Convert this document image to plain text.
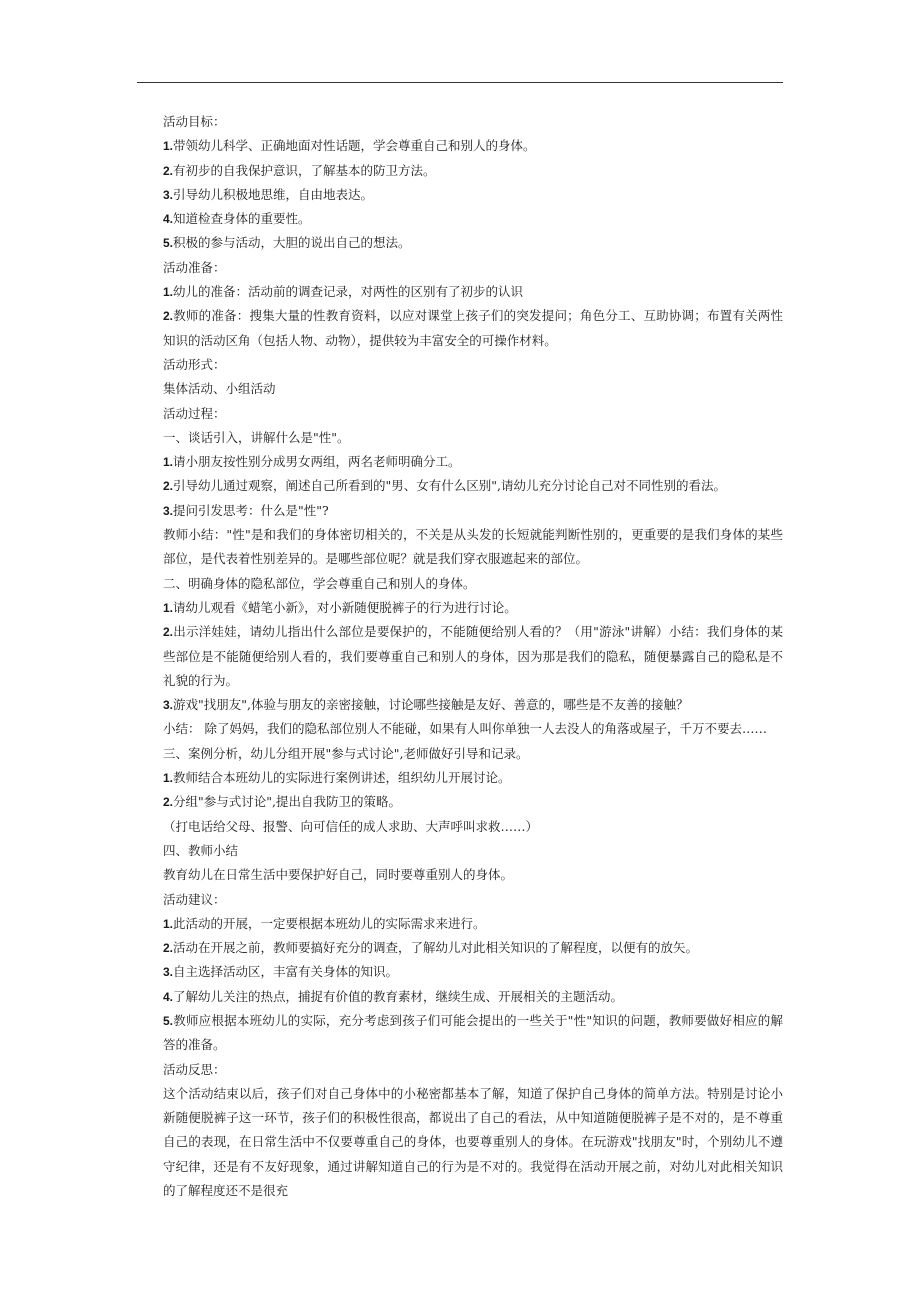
活动目标：

1.带领幼儿科学、正确地面对性话题，学会尊重自己和别人的身体。

2.有初步的自我保护意识，了解基本的防卫方法。

3.引导幼儿积极地思维，自由地表达。

4.知道检查身体的重要性。

5.积极的参与活动，大胆的说出自己的想法。

活动准备：

1.幼儿的准备：活动前的调查记录，对两性的区别有了初步的认识

2.教师的准备：搜集大量的性教育资料，以应对课堂上孩子们的突发提问；角色分工、互助协调；布置有关两性知识的活动区角（包括人物、动物），提供较为丰富安全的可操作材料。

活动形式：

集体活动、小组活动

活动过程：

一、谈话引入，讲解什么是"性"。

1.请小朋友按性别分成男女两组，两名老师明确分工。

2.引导幼儿通过观察，阐述自己所看到的"男、女有什么区别",请幼儿充分讨论自己对不同性别的看法。

3.提问引发思考：什么是"性"?

教师小结："性"是和我们的身体密切相关的，不关是从头发的长短就能判断性别的，更重要的是我们身体的某些部位，是代表着性别差异的。是哪些部位呢？就是我们穿衣服遮起来的部位。

二、明确身体的隐私部位，学会尊重自己和别人的身体。

1.请幼儿观看《蜡笔小新》，对小新随便脱裤子的行为进行讨论。

2.出示洋娃娃，请幼儿指出什么部位是要保护的，不能随便给别人看的？（用"游泳"讲解）小结：我们身体的某些部位是不能随便给别人看的，我们要尊重自己和别人的身体，因为那是我们的隐私，随便暴露自己的隐私是不礼貌的行为。

3.游戏"找朋友",体验与朋友的亲密接触，讨论哪些接触是友好、善意的，哪些是不友善的接触？

小结： 除了妈妈，我们的隐私部位别人不能碰，如果有人叫你单独一人去没人的角落或屋子，千万不要去……

三、案例分析，幼儿分组开展"参与式讨论",老师做好引导和记录。

1.教师结合本班幼儿的实际进行案例讲述，组织幼儿开展讨论。

2.分组"参与式讨论",提出自我防卫的策略。

（打电话给父母、报警、向可信任的成人求助、大声呼叫求救……）

四、教师小结

教育幼儿在日常生活中要保护好自己，同时要尊重别人的身体。

活动建议：

1.此活动的开展，一定要根据本班幼儿的实际需求来进行。

2.活动在开展之前，教师要搞好充分的调查，了解幼儿对此相关知识的了解程度，以便有的放矢。

3.自主选择活动区，丰富有关身体的知识。

4.了解幼儿关注的热点，捕捉有价值的教育素材，继续生成、开展相关的主题活动。

5.教师应根据本班幼儿的实际，充分考虑到孩子们可能会提出的一些关于"性"知识的问题，教师要做好相应的解答的准备。

活动反思：

这个活动结束以后，孩子们对自己身体中的小秘密都基本了解，知道了保护自己身体的简单方法。特别是讨论小新随便脱裤子这一环节，孩子们的积极性很高，都说出了自己的看法，从中知道随便脱裤子是不对的，是不尊重自己的表现，在日常生活中不仅要尊重自己的身体，也要尊重别人的身体。在玩游戏"找朋友"时，个别幼儿不遵守纪律，还是有不友好现象，通过讲解知道自己的行为是不对的。我觉得在活动开展之前，对幼儿对此相关知识的了解程度还不是很充
